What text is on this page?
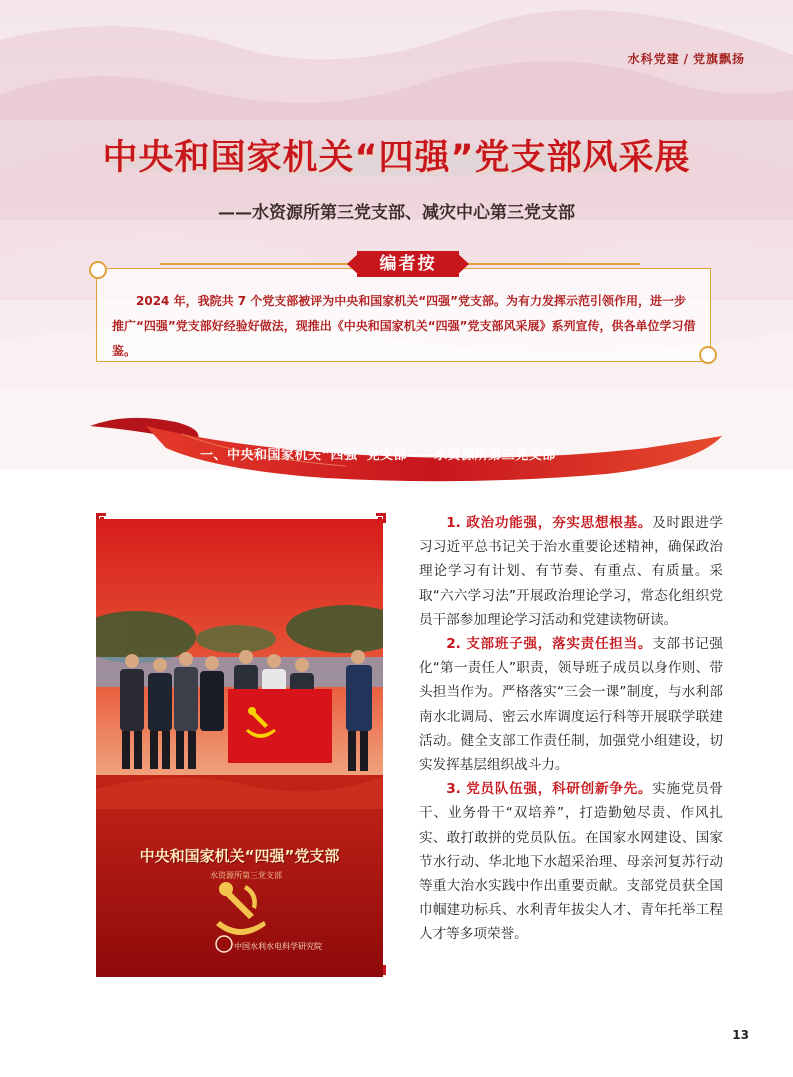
水科党建 / 党旗飘扬
中央和国家机关“四强”党支部风采展
——水资源所第三党支部、减灾中心第三党支部
编者按
2024 年，我院共 7 个党支部被评为中央和国家机关“四强”党支部。为有力发挥示范引领作用，进一步推广“四强”党支部好经验好做法，现推出《中央和国家机关“四强”党支部风采展》系列宣传，供各单位学习借鉴。
一、中央和国家机关“四强”党支部——水资源所第三党支部
中央和国家机关“四强”党支部
水资源所第三党支部
中国水利水电科学研究院

1. 政治功能强，夯实思想根基。及时跟进学习习近平总书记关于治水重要论述精神，确保政治理论学习有计划、有节奏、有重点、有质量。采取“六六学习法”开展政治理论学习，常态化组织党员干部参加理论学习活动和党建读物研读。

2. 支部班子强，落实责任担当。支部书记强化“第一责任人”职责，领导班子成员以身作则、带头担当作为。严格落实“三会一课”制度，与水利部南水北调局、密云水库调度运行科等开展联学联建活动。健全支部工作责任制，加强党小组建设，切实发挥基层组织战斗力。

3. 党员队伍强，科研创新争先。实施党员骨干、业务骨干“双培养”，打造勤勉尽责、作风扎实、敢打敢拼的党员队伍。在国家水网建设、国家节水行动、华北地下水超采治理、母亲河复苏行动等重大治水实践中作出重要贡献。支部党员获全国巾帼建功标兵、水利青年拔尖人才、青年托举工程人才等多项荣誉。

13
